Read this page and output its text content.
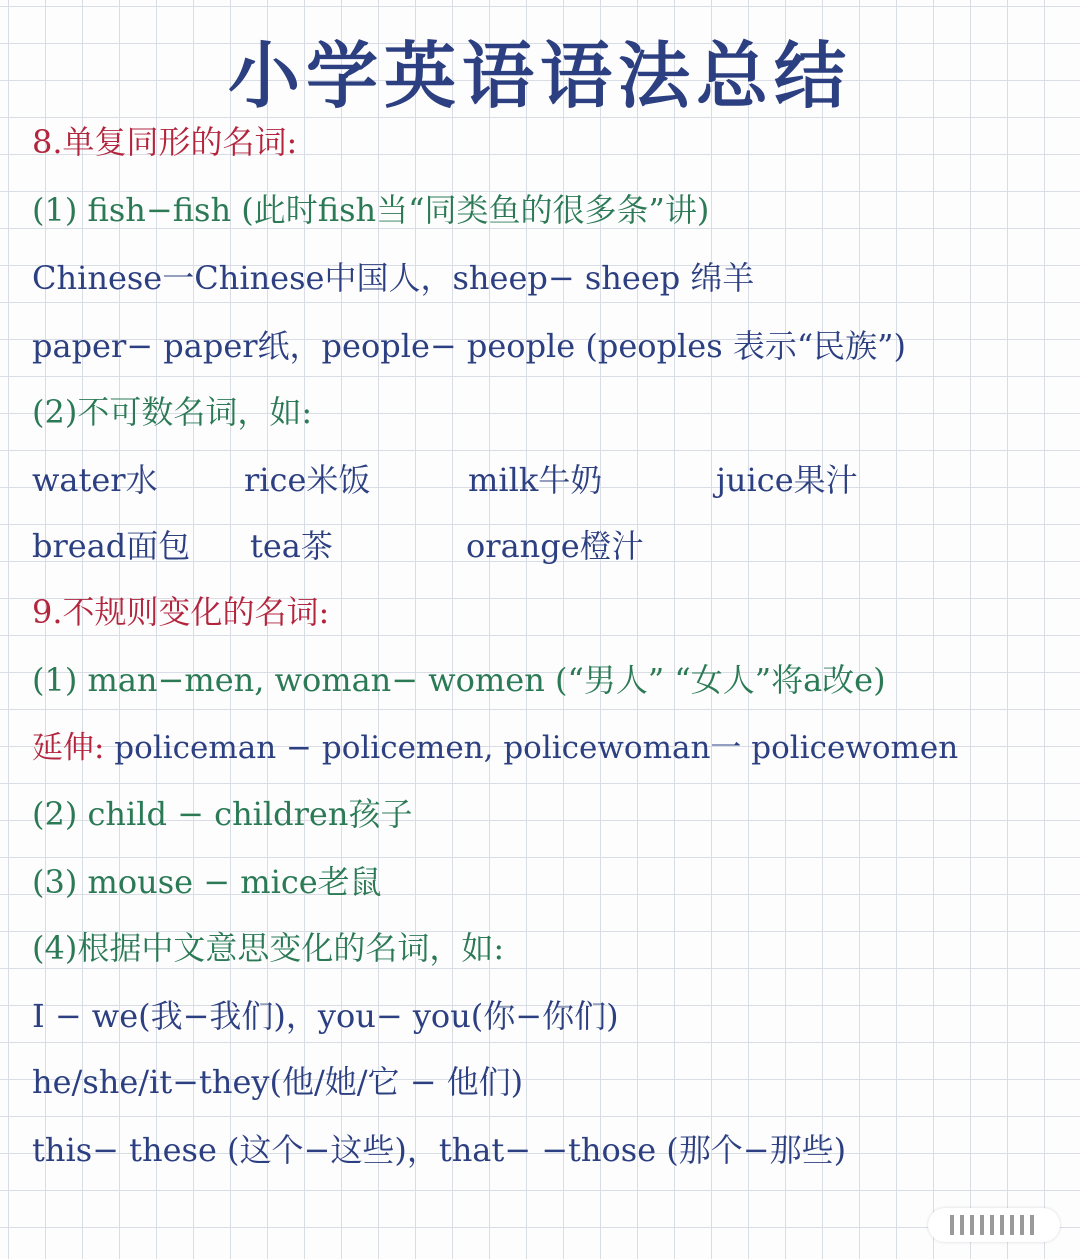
小学英语语法总结
8.单复同形的名词:
(1) fish−fish (此时fish当“同类鱼的很多条”讲)
Chinese一Chinese中国人，sheep− sheep 绵羊
paper− paper纸，people− people (peoples 表示“民族”)
(2)不可数名词，如:
water水	rice米饭	milk牛奶	juice果汁
bread面包 tea茶	orange橙汁
9.不规则变化的名词:
(1) man−men, woman− women (“男人” “女人”将a改e)
延伸: policeman − policemen, policewoman一 policewomen
(2) child − children孩子
(3) mouse − mice老鼠
(4)根据中文意思变化的名词，如:
I − we(我−我们)，you− you(你−你们)
he/she/it−they(他/她/它 − 他们)
this− these (这个−这些)，that− −those (那个−那些)
